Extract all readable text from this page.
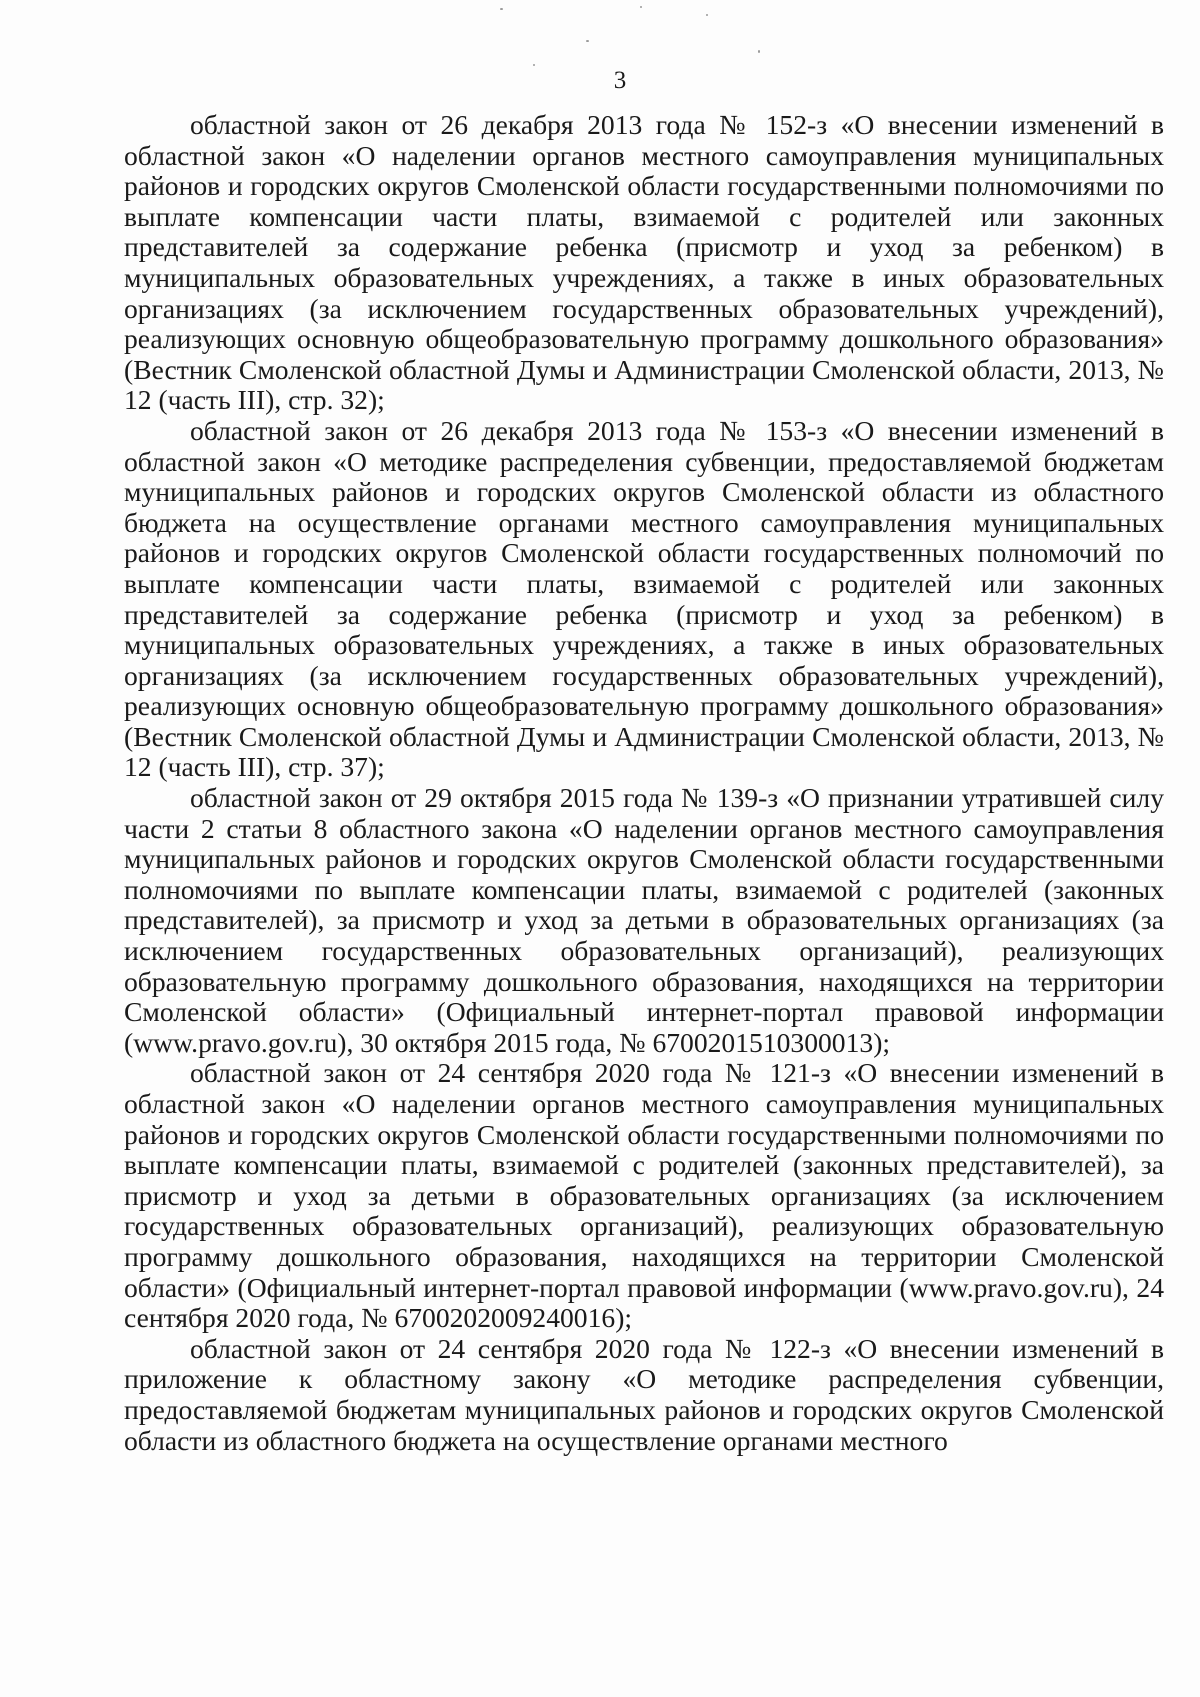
3

областной закон от 26 декабря 2013 года № 152-з «О внесении изменений в областной закон «О наделении органов местного самоуправления муниципальных районов и городских округов Смоленской области государственными полномочиями по выплате компенсации части платы, взимаемой с родителей или законных представителей за содержание ребенка (присмотр и уход за ребенком) в муниципальных образовательных учреждениях, а также в иных образовательных организациях (за исключением государственных образовательных учреждений), реализующих основную общеобразовательную программу дошкольного образования» (Вестник Смоленской областной Думы и Администрации Смоленской области, 2013, № 12 (часть III), стр. 32);

областной закон от 26 декабря 2013 года № 153-з «О внесении изменений в областной закон «О методике распределения субвенции, предоставляемой бюджетам муниципальных районов и городских округов Смоленской области из областного бюджета на осуществление органами местного самоуправления муниципальных районов и городских округов Смоленской области государственных полномочий по выплате компенсации части платы, взимаемой с родителей или законных представителей за содержание ребенка (присмотр и уход за ребенком) в муниципальных образовательных учреждениях, а также в иных образовательных организациях (за исключением государственных образовательных учреждений), реализующих основную общеобразовательную программу дошкольного образования» (Вестник Смоленской областной Думы и Администрации Смоленской области, 2013, № 12 (часть III), стр. 37);

областной закон от 29 октября 2015 года № 139-з «О признании утратившей силу части 2 статьи 8 областного закона «О наделении органов местного самоуправления муниципальных районов и городских округов Смоленской области государственными полномочиями по выплате компенсации платы, взимаемой с родителей (законных представителей), за присмотр и уход за детьми в образовательных организациях (за исключением государственных образовательных организаций), реализующих образовательную программу дошкольного образования, находящихся на территории Смоленской области» (Официальный интернет-портал правовой информации (www.pravo.gov.ru), 30 октября 2015 года, № 6700201510300013);

областной закон от 24 сентября 2020 года № 121-з «О внесении изменений в областной закон «О наделении органов местного самоуправления муниципальных районов и городских округов Смоленской области государственными полномочиями по выплате компенсации платы, взимаемой с родителей (законных представителей), за присмотр и уход за детьми в образовательных организациях (за исключением государственных образовательных организаций), реализующих образовательную программу дошкольного образования, находящихся на территории Смоленской области» (Официальный интернет-портал правовой информации (www.pravo.gov.ru), 24 сентября 2020 года, № 6700202009240016);

областной закон от 24 сентября 2020 года № 122-з «О внесении изменений в приложение к областному закону «О методике распределения субвенции, предоставляемой бюджетам муниципальных районов и городских округов Смоленской области из областного бюджета на осуществление органами местного
